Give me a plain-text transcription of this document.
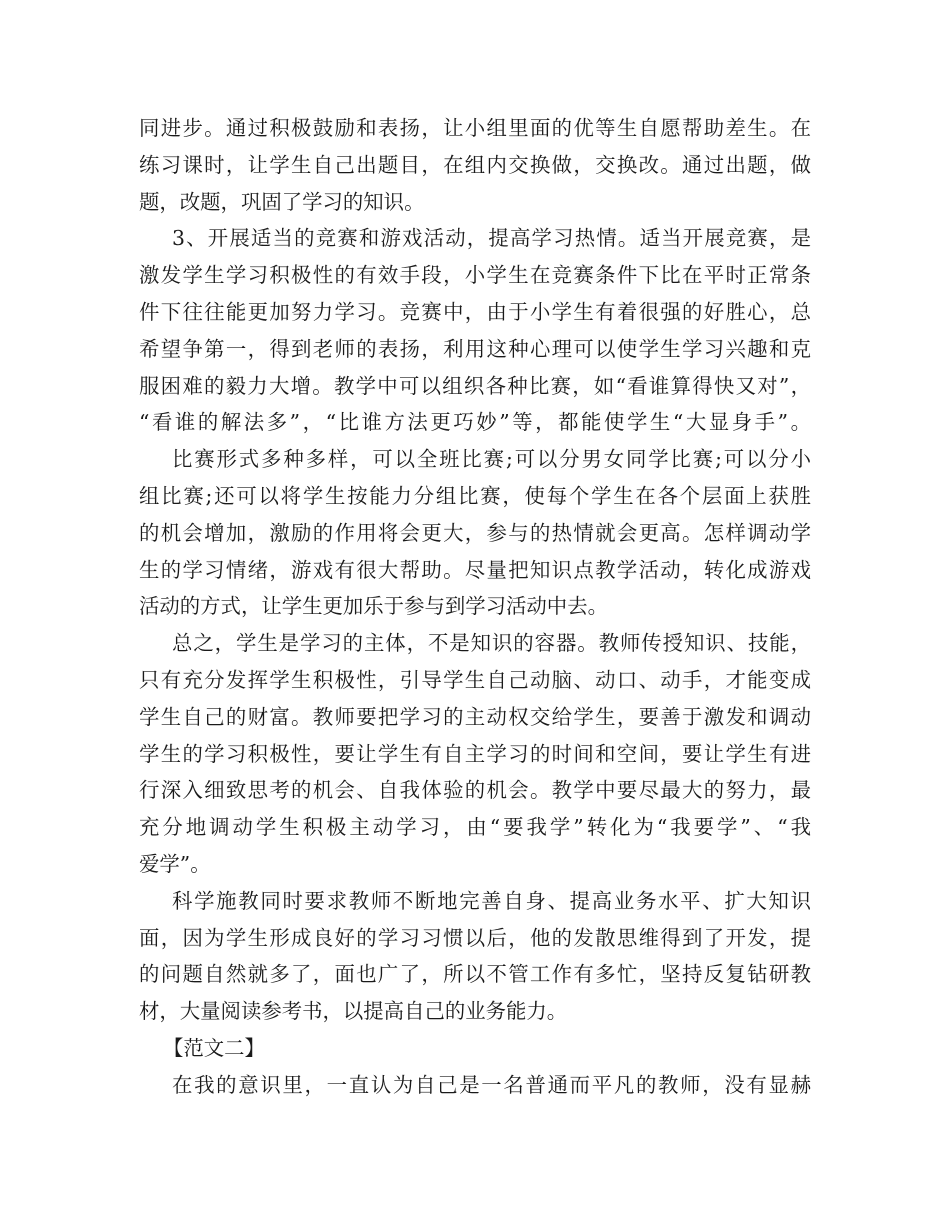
同进步。通过积极鼓励和表扬，让小组里面的优等生自愿帮助差生。在
练习课时，让学生自己出题目，在组内交换做，交换改。通过出题，做
题，改题，巩固了学习的知识。
3、开展适当的竞赛和游戏活动，提高学习热情。适当开展竞赛，是
激发学生学习积极性的有效手段，小学生在竞赛条件下比在平时正常条
件下往往能更加努力学习。竞赛中，由于小学生有着很强的好胜心，总
希望争第一，得到老师的表扬，利用这种心理可以使学生学习兴趣和克
服困难的毅力大增。教学中可以组织各种比赛，如“看谁算得快又对”，
“看谁的解法多”，“比谁方法更巧妙”等，都能使学生“大显身手”。
比赛形式多种多样，可以全班比赛;可以分男女同学比赛;可以分小
组比赛;还可以将学生按能力分组比赛，使每个学生在各个层面上获胜
的机会增加，激励的作用将会更大，参与的热情就会更高。怎样调动学
生的学习情绪，游戏有很大帮助。尽量把知识点教学活动，转化成游戏
活动的方式，让学生更加乐于参与到学习活动中去。
总之，学生是学习的主体，不是知识的容器。教师传授知识、技能，
只有充分发挥学生积极性，引导学生自己动脑、动口、动手，才能变成
学生自己的财富。教师要把学习的主动权交给学生，要善于激发和调动
学生的学习积极性，要让学生有自主学习的时间和空间，要让学生有进
行深入细致思考的机会、自我体验的机会。教学中要尽最大的努力，最
充分地调动学生积极主动学习，由“要我学”转化为“我要学”、“我
爱学”。
科学施教同时要求教师不断地完善自身、提高业务水平、扩大知识
面，因为学生形成良好的学习习惯以后，他的发散思维得到了开发，提
的问题自然就多了，面也广了，所以不管工作有多忙，坚持反复钻研教
材，大量阅读参考书，以提高自己的业务能力。
【范文二】
在我的意识里，一直认为自己是一名普通而平凡的教师，没有显赫
